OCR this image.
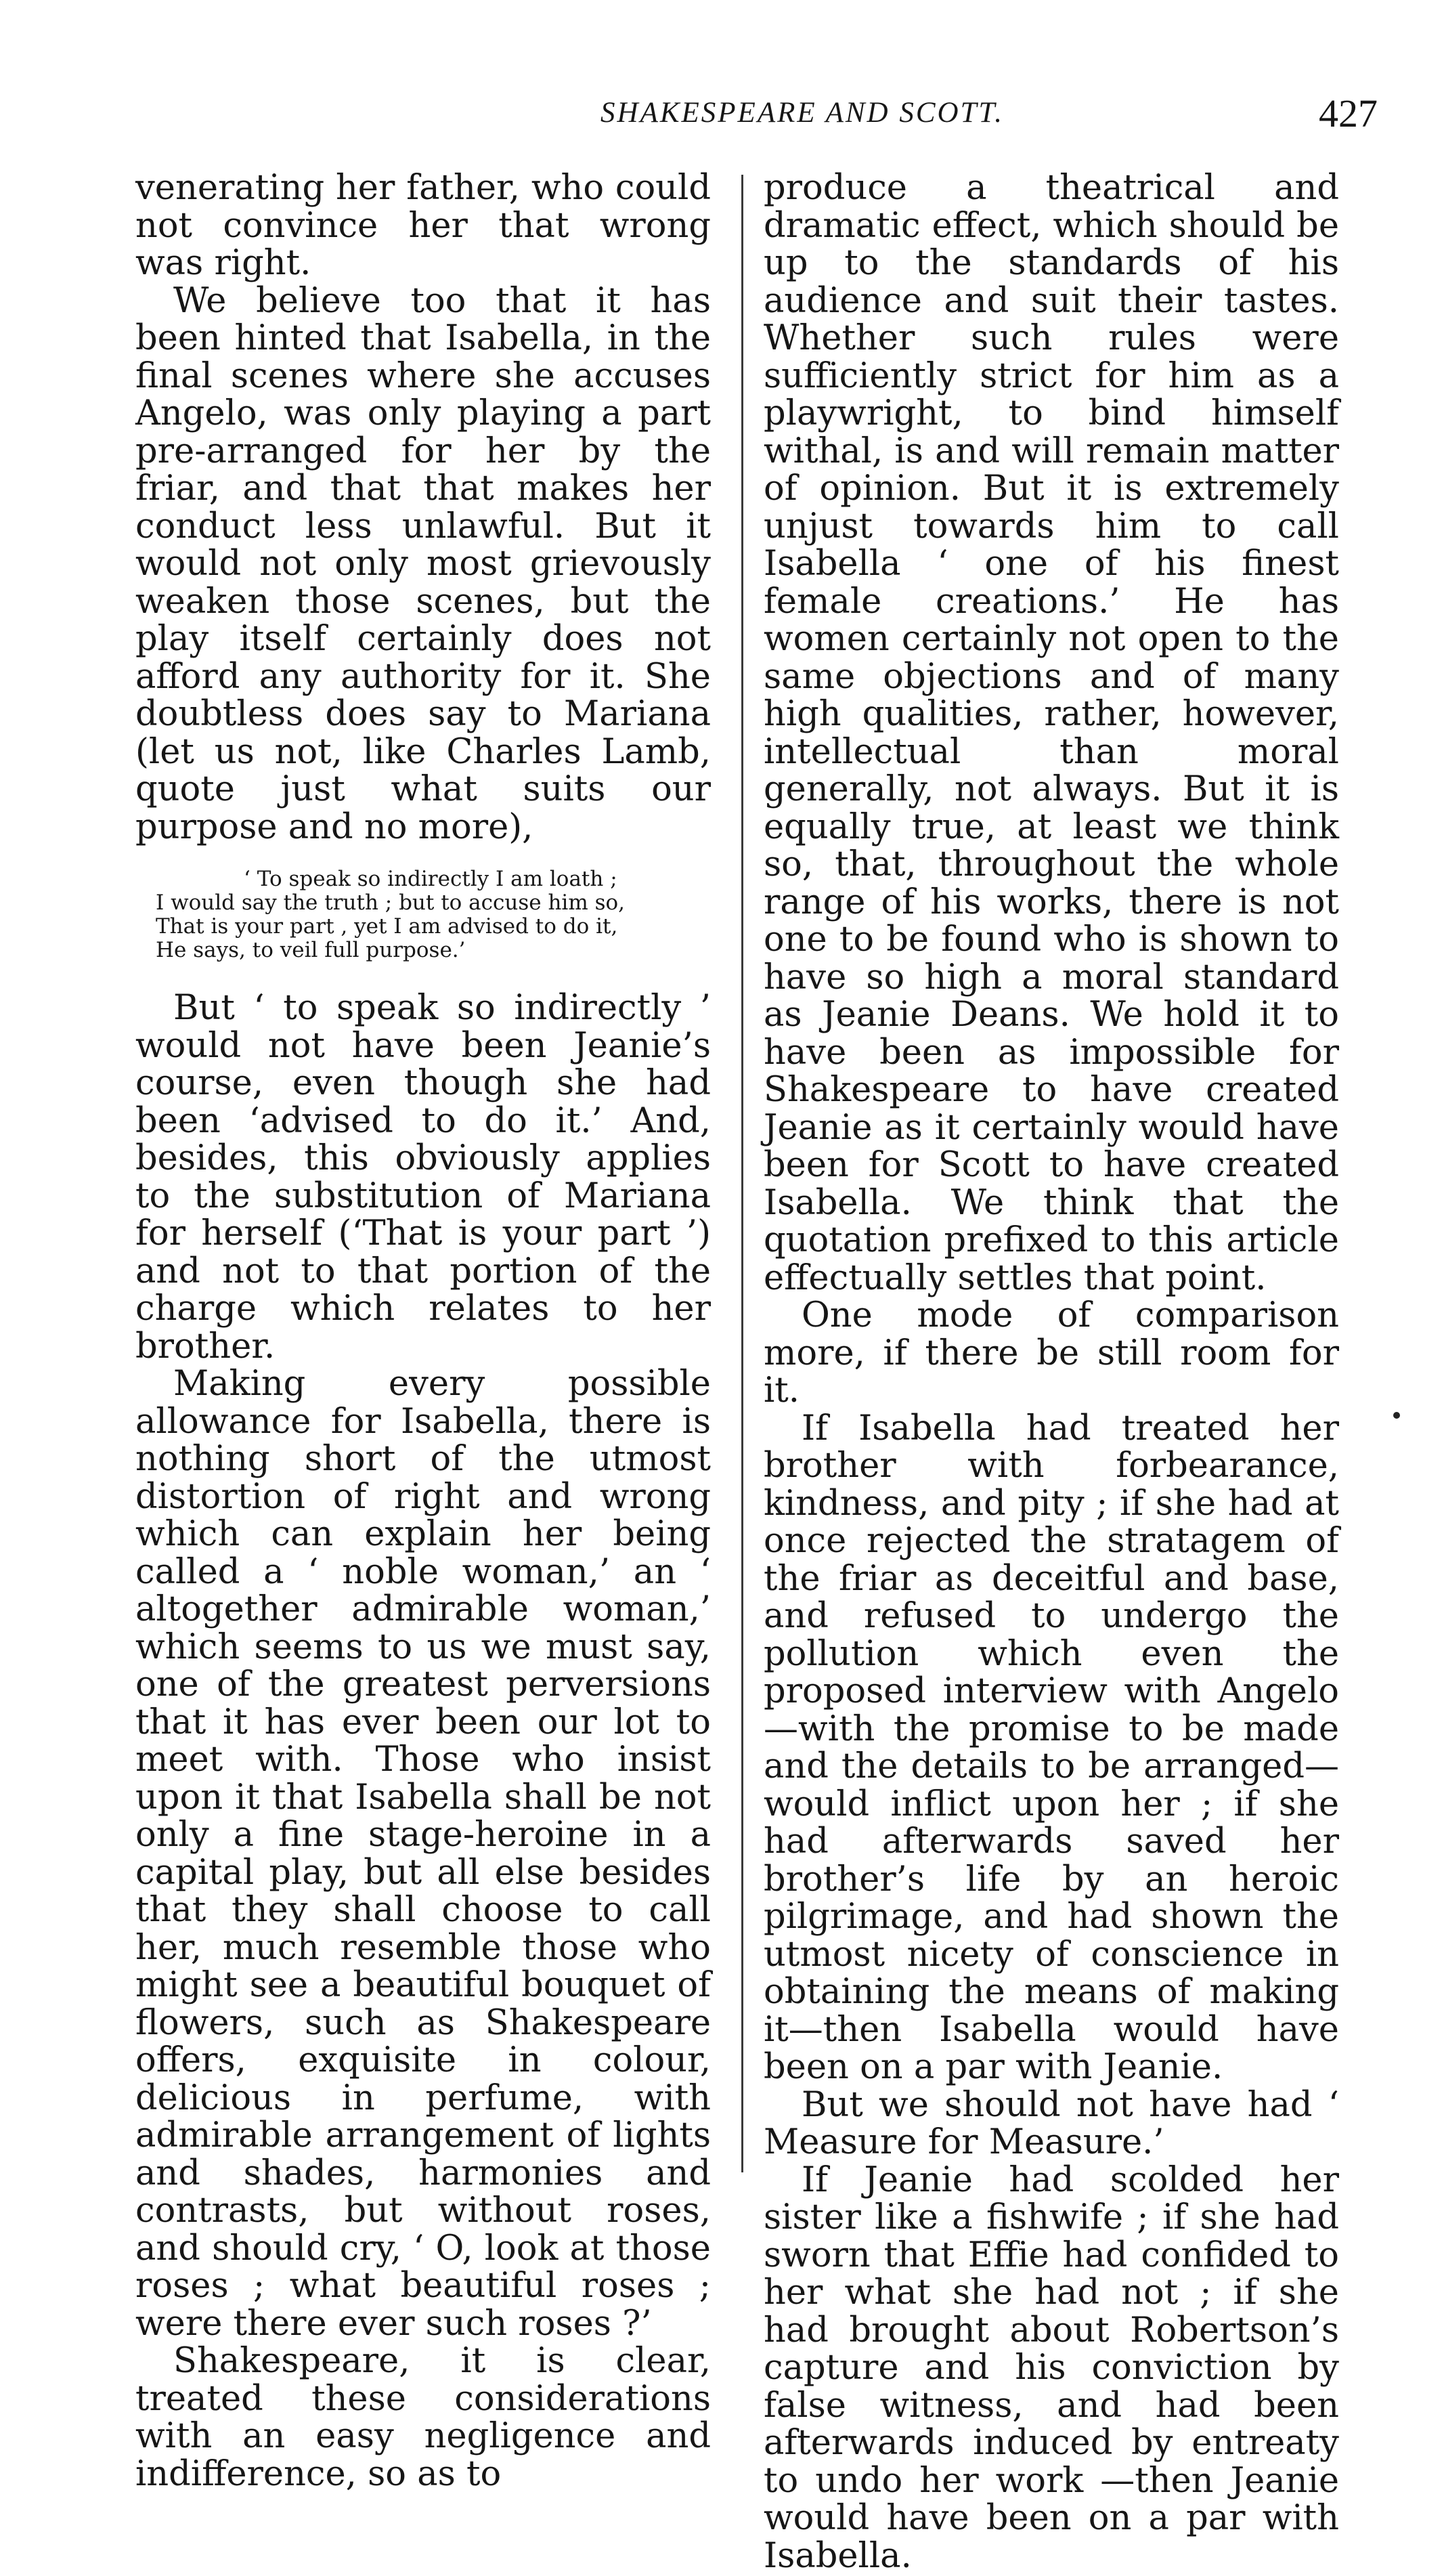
SHAKESPEARE AND SCOTT.	427

venerating her father, who could not convince her that wrong was right.

We believe too that it has been hinted that Isabella, in the final scenes where she accuses Angelo, was only playing a part pre-arranged for her by the friar, and that that makes her conduct less unlawful. But it would not only most grievously weaken those scenes, but the play itself certainly does not afford any authority for it. She doubtless does say to Mariana (let us not, like Charles Lamb, quote just what suits our purpose and no more),

‘ To speak so indirectly I am loath ;
I would say the truth ; but to accuse him so,
That is your part , yet I am advised to do it,
He says, to veil full purpose.’

But ‘ to speak so indirectly ’ would not have been Jeanie’s course, even though she had been ‘advised to do it.’ And, besides, this obviously applies to the substitution of Mariana for herself (‘That is your part ’) and not to that portion of the charge which relates to her brother.

Making every possible allowance for Isabella, there is nothing short of the utmost distortion of right and wrong which can explain her being called a ‘ noble woman,’ an ‘ altogether admirable woman,’ which seems to us we must say, one of the greatest perversions that it has ever been our lot to meet with. Those who insist upon it that Isabella shall be not only a fine stage-heroine in a capital play, but all else besides that they shall choose to call her, much resemble those who might see a beautiful bouquet of flowers, such as Shakespeare offers, exquisite in colour, delicious in perfume, with admirable arrangement of lights and shades, harmonies and contrasts, but without roses, and should cry, ‘ O, look at those roses ; what beautiful roses ; were there ever such roses ?’

Shakespeare, it is clear, treated these considerations with an easy negligence and indifference, so as to

produce a theatrical and dramatic effect, which should be up to the standards of his audience and suit their tastes. Whether such rules were sufficiently strict for him as a playwright, to bind himself withal, is and will remain matter of opinion. But it is extremely unjust towards him to call Isabella ‘ one of his finest female creations.’ He has women certainly not open to the same objections and of many high qualities, rather, however, intellectual than moral generally, not always. But it is equally true, at least we think so, that, throughout the whole range of his works, there is not one to be found who is shown to have so high a moral standard as Jeanie Deans. We hold it to have been as impossible for Shakespeare to have created Jeanie as it certainly would have been for Scott to have created Isabella. We think that the quotation prefixed to this article effectually settles that point.

One mode of comparison more, if there be still room for it.

If Isabella had treated her brother with forbearance, kindness, and pity ; if she had at once rejected the stratagem of the friar as deceitful and base, and refused to undergo the pollution which even the proposed interview with Angelo—with the promise to be made and the details to be arranged—would inflict upon her ; if she had afterwards saved her brother’s life by an heroic pilgrimage, and had shown the utmost nicety of conscience in obtaining the means of making it—then Isabella would have been on a par with Jeanie.

But we should not have had ‘ Measure for Measure.’

If Jeanie had scolded her sister like a fishwife ; if she had sworn that Effie had confided to her what she had not ; if she had brought about Robertson’s capture and his conviction by false witness, and had been afterwards induced by entreaty to undo her work —then Jeanie would have been on a par with Isabella.
